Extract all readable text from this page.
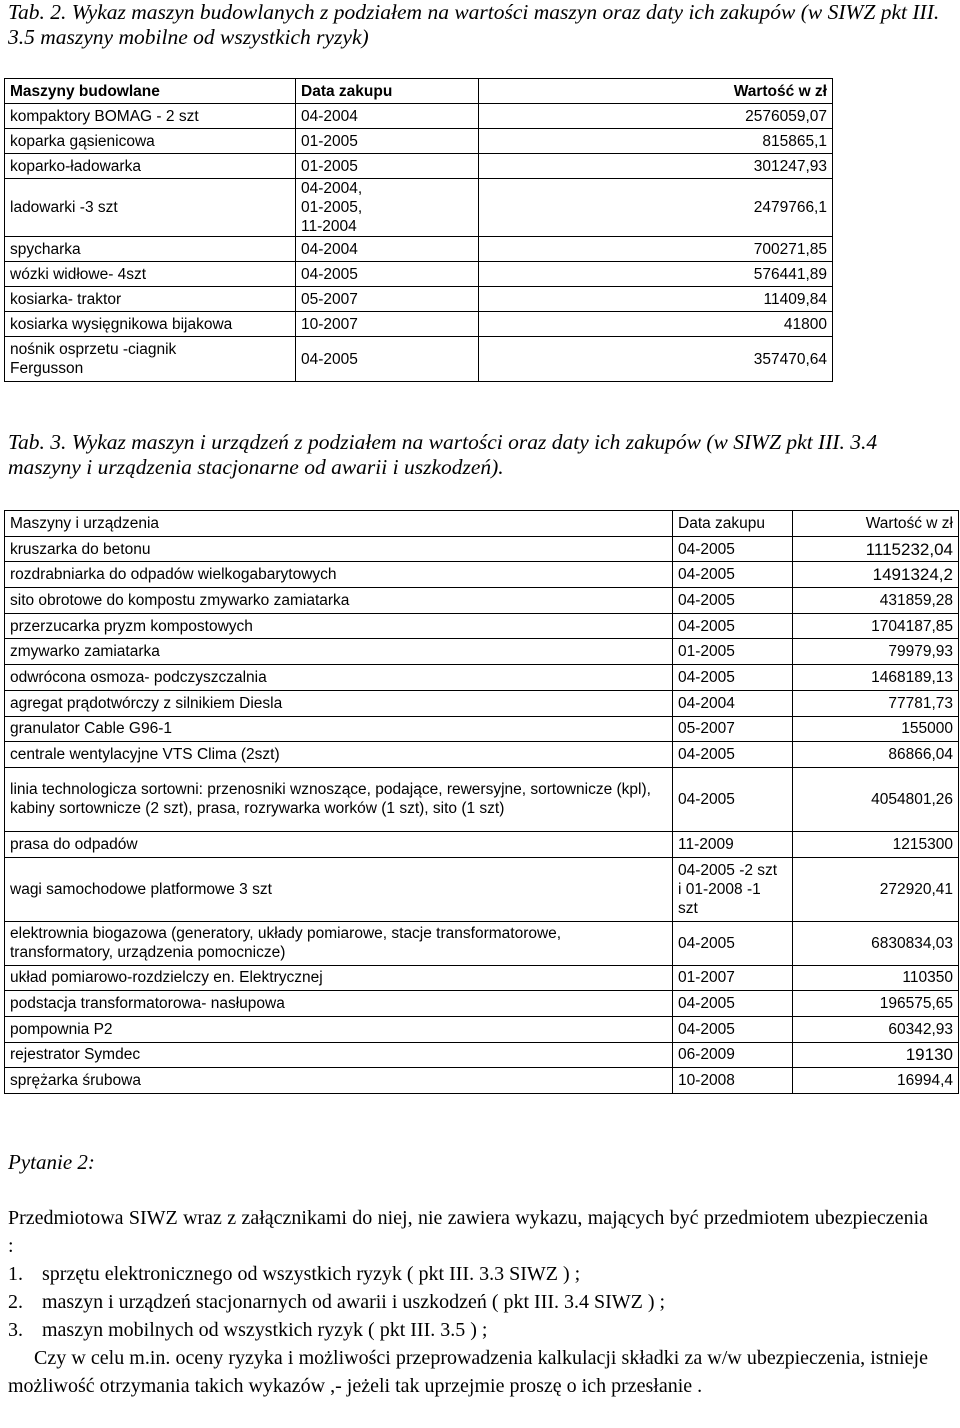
Tab. 2. Wykaz maszyn budowlanych z podziałem na wartości maszyn oraz daty ich zakupów (w SIWZ pkt III. 3.5 maszyny mobilne od wszystkich ryzyk)
Maszyny budowlane	Data zakupu	Wartość w zł
kompaktory BOMAG - 2 szt	04-2004	2576059,07
koparka gąsienicowa	01-2005	815865,1
koparko-ładowarka	01-2005	301247,93
ladowarki -3 szt	04-2004, 01-2005, 11-2004	2479766,1
spycharka	04-2004	700271,85
wózki widłowe- 4szt	04-2005	576441,89
kosiarka- traktor	05-2007	11409,84
kosiarka wysięgnikowa bijakowa	10-2007	41800
nośnik osprzetu -ciagnik Fergusson	04-2005	357470,64
Tab. 3. Wykaz maszyn i urządzeń z podziałem na wartości oraz daty ich zakupów (w SIWZ pkt III. 3.4 maszyny i urządzenia stacjonarne od awarii i uszkodzeń).
Maszyny i urządzenia	Data zakupu	Wartość w zł
kruszarka do betonu	04-2005	1115232,04
rozdrabniarka do odpadów wielkogabarytowych	04-2005	1491324,2
sito obrotowe do kompostu zmywarko zamiatarka	04-2005	431859,28
przerzucarka pryzm kompostowych	04-2005	1704187,85
zmywarko zamiatarka	01-2005	79979,93
odwrócona osmoza- podczyszczalnia	04-2005	1468189,13
agregat prądotwórczy z silnikiem Diesla	04-2004	77781,73
granulator Cable G96-1	05-2007	155000
centrale wentylacyjne VTS Clima (2szt)	04-2005	86866,04
linia technologicza sortowni: przenosniki wznoszące, podające, rewersyjne, sortownicze (kpl), kabiny sortownicze (2 szt), prasa, rozrywarka worków (1 szt), sito (1 szt)	04-2005	4054801,26
prasa do odpadów	11-2009	1215300
wagi samochodowe platformowe 3 szt	04-2005 -2 szt i 01-2008 -1 szt	272920,41
elektrownia biogazowa (generatory, układy pomiarowe, stacje transformatorowe, transformatory, urządzenia pomocnicze)	04-2005	6830834,03
układ pomiarowo-rozdzielczy en. Elektrycznej	01-2007	110350
podstacja transformatorowa- nasłupowa	04-2005	196575,65
pompownia P2	04-2005	60342,93
rejestrator Symdec	06-2009	19130
sprężarka śrubowa	10-2008	16994,4
Pytanie 2:

Przedmiotowa SIWZ wraz z załącznikami do niej, nie zawiera wykazu, mających być przedmiotem ubezpieczenia :

1. sprzętu elektronicznego od wszystkich ryzyk ( pkt III. 3.3 SIWZ ) ;
2. maszyn i urządzeń stacjonarnych od awarii i uszkodzeń ( pkt III. 3.4 SIWZ ) ;
3. maszyn mobilnych od wszystkich ryzyk ( pkt III. 3.5 ) ;

Czy w celu m.in. oceny ryzyka i możliwości przeprowadzenia kalkulacji składki za w/w ubezpieczenia, istnieje możliwość otrzymania takich wykazów ,- jeżeli tak uprzejmie proszę o ich przesłanie .
